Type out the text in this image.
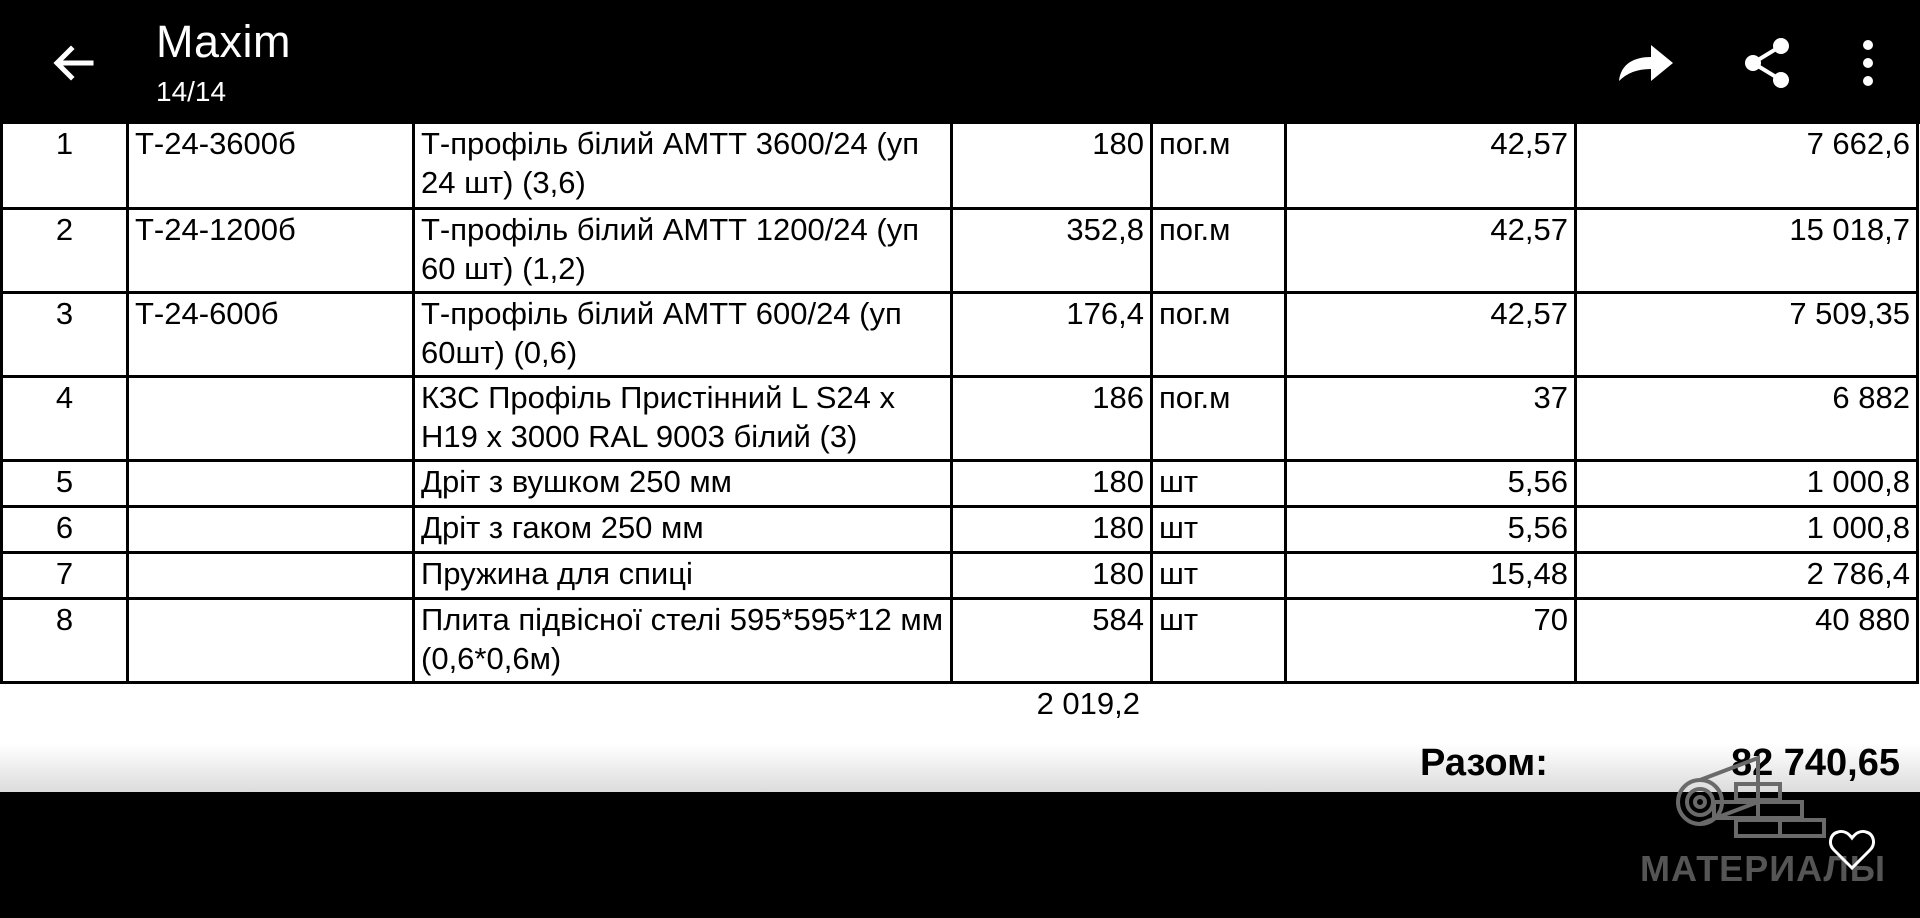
Maxim
14/14
1	Т-24-3600б	Т-профіль білий АМТТ 3600/24 (уп 24 шт) (3,6)	180	пог.м	42,57	7 662,6
2	Т-24-1200б	Т-профіль білий АМТТ 1200/24 (уп 60 шт) (1,2)	352,8	пог.м	42,57	15 018,7
3	Т-24-600б	Т-профіль білий АМТТ 600/24 (уп 60шт) (0,6)	176,4	пог.м	42,57	7 509,35
4		КЗС Профіль Пристінний L S24 x H19 x 3000 RAL 9003 білий (3)	186	пог.м	37	6 882
5		Дріт з вушком 250 мм	180	шт	5,56	1 000,8
6		Дріт з гаком 250 мм	180	шт	5,56	1 000,8
7		Пружина для спиці	180	шт	15,48	2 786,4
8		Плита підвісної стелі 595*595*12 мм (0,6*0,6м)	584	шт	70	40 880
2 019,2
Разом:	82 740,65
МАТЕРИАЛЫ
